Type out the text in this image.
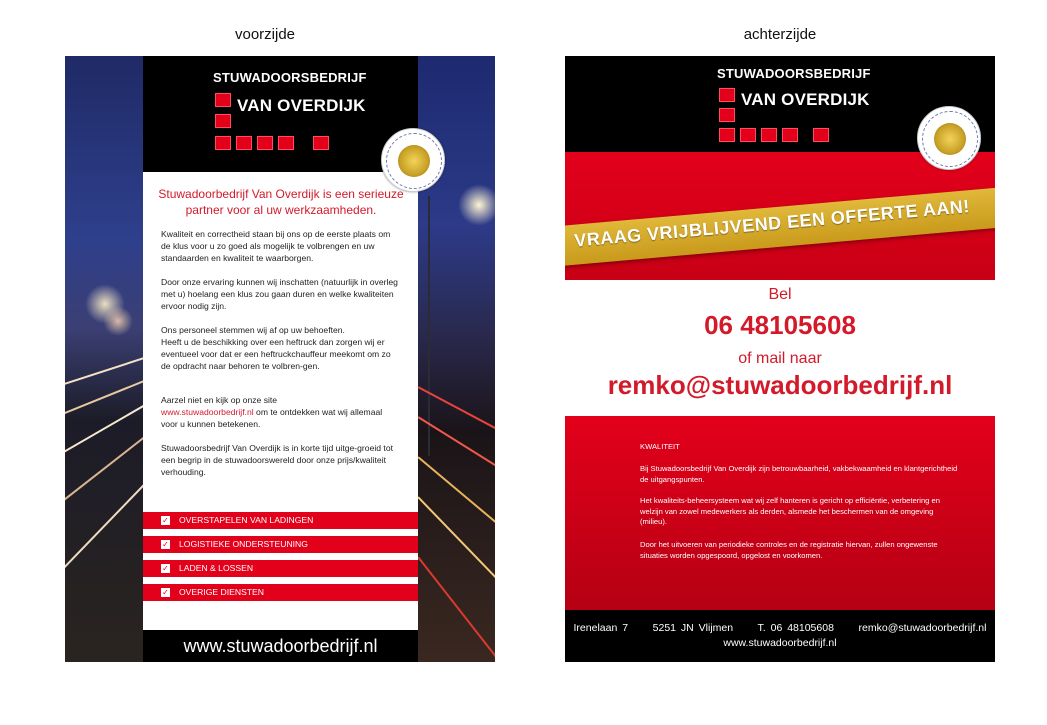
voorzijde	achterzijde
STUWADOORSBEDRIJF
VAN OVERDIJK
Stuwadoorbedrijf Van Overdijk is een serieuze partner voor al uw werkzaamheden.
Kwaliteit en correctheid staan bij ons op de eerste plaats om de klus voor u zo goed als mogelijk te volbrengen en uw standaarden en kwaliteit te waarborgen.
Door onze ervaring kunnen wij inschatten (natuurlijk in overleg met u) hoelang een klus zou gaan duren en welke kwaliteiten ervoor nodig zijn.
Ons personeel stemmen wij af op uw behoeften.
Heeft u de beschikking over een heftruck dan zorgen wij er eventueel voor dat er een heftruckchauffeur meekomt om zo de opdracht naar behoren te volbren-gen.
Aarzel niet en kijk op onze site
www.stuwadoorbedrijf.nl om te ontdekken wat wij allemaal voor u kunnen betekenen.
Stuwadoorsbedrijf Van Overdijk is in korte tijd uitge-groeid tot een begrip in de stuwadoorswereld door onze prijs/kwaliteit verhouding.
✓ OVERSTAPELEN VAN LADINGEN
✓ LOGISTIEKE ONDERSTEUNING
✓ LADEN & LOSSEN
✓ OVERIGE DIENSTEN
www.stuwadoorbedrijf.nl
STUWADOORSBEDRIJF
VAN OVERDIJK
VRAAG VRIJBLIJVEND EEN OFFERTE AAN!
Bel
06 48105608
of mail naar
remko@stuwadoorbedrijf.nl
KWALITEIT
Bij Stuwadoorsbedrijf Van Overdijk zijn betrouwbaarheid, vakbekwaamheid en klantgerichtheid de uitgangspunten.
Het kwaliteits-beheersysteem wat wij zelf hanteren is gericht op efficiëntie, verbetering en welzijn van zowel medewerkers als derden, alsmede het beschermen van de omgeving (milieu).
Door het uitvoeren van periodieke controles en de registratie hiervan, zullen ongewenste situaties worden opgespoord, opgelost en voorkomen.
Irenelaan 7 5251 JN Vlijmen T. 06 48105608 remko@stuwadoorbedrijf.nl
www.stuwadoorbedrijf.nl
